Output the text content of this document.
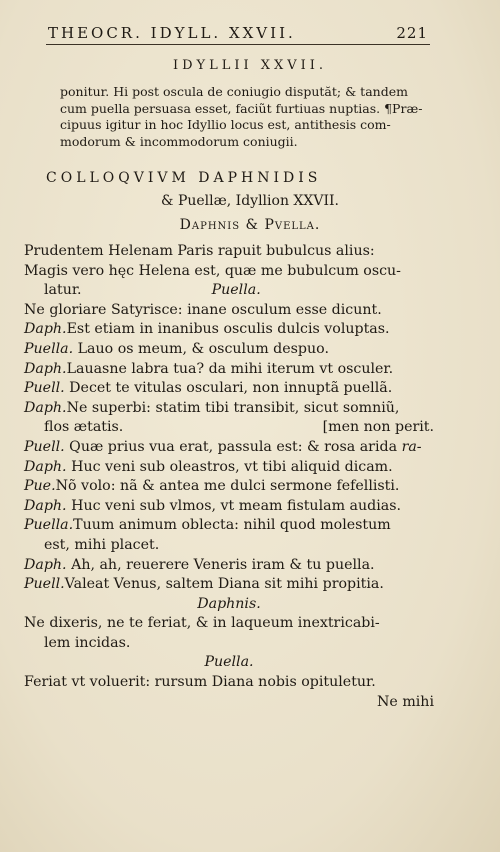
THEOCR. IDYLL. XXVII.	221
IDYLLII XXVII.
ponitur. Hi post oscula de coniugio disputăt; & tandem
cum puella persuasa esset, faciũt furtiuas nuptias. ¶Præ-
cipuus igitur in hoc Idyllio locus est, antithesis com-
modorum & incommodorum coniugii.
COLLOQVIVM DAPHNIDIS
& Puellæ, Idyllion XXVII.
Daphnis & Pvella.
Prudentem Helenam Paris rapuit bubulcus alius:
Magis vero hęc Helena est, quæ me bubulcum oscu-
latur.	Puella.
Ne gloriare Satyrisce: inane osculum esse dicunt.
Daph.Est etiam in inanibus osculis dulcis voluptas.
Puella. Lauo os meum, & osculum despuo.
Daph.Lauasne labra tua? da mihi iterum vt osculer.
Puell. Decet te vitulas osculari, non innuptã puellã.
Daph.Ne superbi: statim tibi transibit, sicut somniũ,
flos ætatis.	[men non perit.
Puell. Quæ prius vua erat, passula est: & rosa arida ra-
Daph. Huc veni sub oleastros, vt tibi aliquid dicam.
Pue.Nõ volo: nã & antea me dulci sermone fefellisti.
Daph. Huc veni sub vlmos, vt meam fistulam audias.
Puella.Tuum animum oblecta: nihil quod molestum
est, mihi placet.
Daph. Ah, ah, reuerere Veneris iram & tu puella.
Puell.Valeat Venus, saltem Diana sit mihi propitia.
Daphnis.
Ne dixeris, ne te feriat, & in laqueum inextricabi-
lem incidas.
Puella.
Feriat vt voluerit: rursum Diana nobis opituletur.
Ne mihi
